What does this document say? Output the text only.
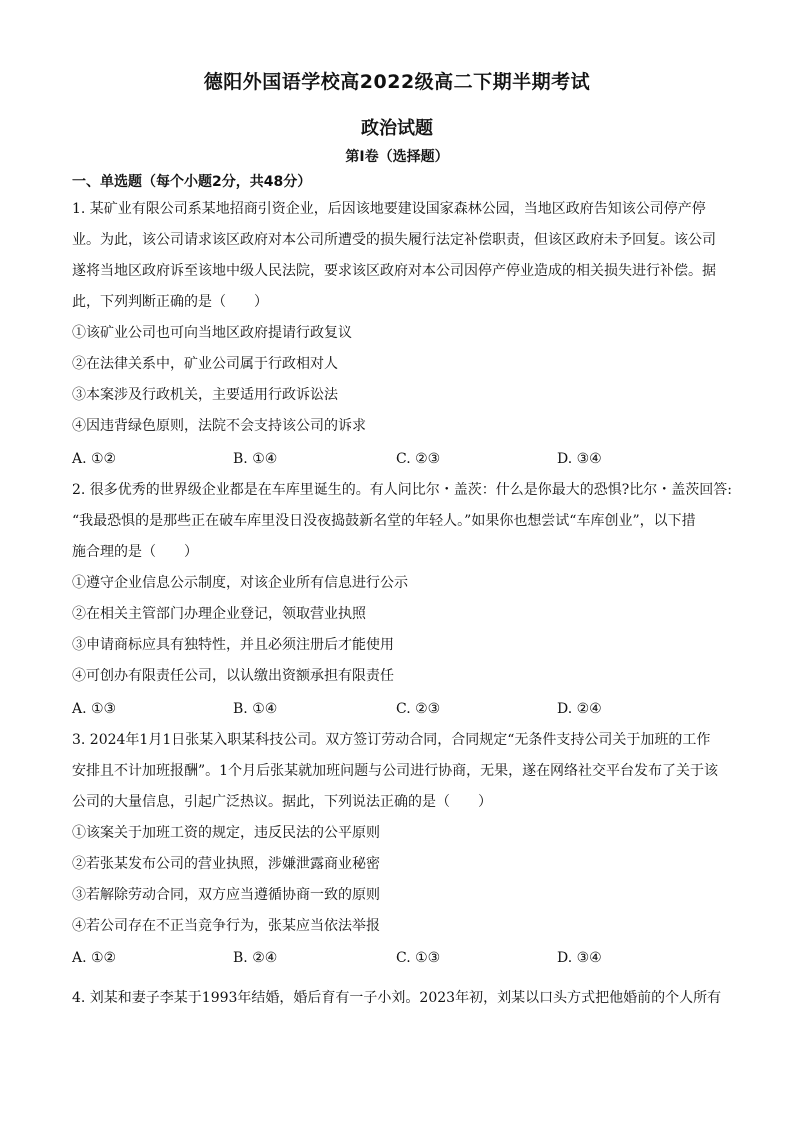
德阳外国语学校高2022级高二下期半期考试
政治试题
第Ⅰ卷（选择题）
一、单选题（每个小题2分，共48分）
1. 某矿业有限公司系某地招商引资企业，后因该地要建设国家森林公园，当地区政府告知该公司停产停
业。为此，该公司请求该区政府对本公司所遭受的损失履行法定补偿职责，但该区政府未予回复。该公司
遂将当地区政府诉至该地中级人民法院，要求该区政府对本公司因停产停业造成的相关损失进行补偿。据
此，下列判断正确的是（　　）
①该矿业公司也可向当地区政府提请行政复议
②在法律关系中，矿业公司属于行政相对人
③本案涉及行政机关，主要适用行政诉讼法
④因违背绿色原则，法院不会支持该公司的诉求
A. ①②	B. ①④	C. ②③	D. ③④
2. 很多优秀的世界级企业都是在车库里诞生的。有人问比尔・盖茨：什么是你最大的恐惧?比尔・盖茨回答:
“我最恐惧的是那些正在破车库里没日没夜捣鼓新名堂的年轻人。”如果你也想尝试“车库创业”，以下措
施合理的是（　　）
①遵守企业信息公示制度，对该企业所有信息进行公示
②在相关主管部门办理企业登记，领取营业执照
③申请商标应具有独特性，并且必须注册后才能使用
④可创办有限责任公司，以认缴出资额承担有限责任
A. ①③	B. ①④	C. ②③	D. ②④
3. 2024年1月1日张某入职某科技公司。双方签订劳动合同，合同规定“无条件支持公司关于加班的工作
安排且不计加班报酬”。1个月后张某就加班问题与公司进行协商，无果，遂在网络社交平台发布了关于该
公司的大量信息，引起广泛热议。据此，下列说法正确的是（　　）
①该案关于加班工资的规定，违反民法的公平原则
②若张某发布公司的营业执照，涉嫌泄露商业秘密
③若解除劳动合同，双方应当遵循协商一致的原则
④若公司存在不正当竞争行为，张某应当依法举报
A. ①②	B. ②④	C. ①③	D. ③④
4. 刘某和妻子李某于1993年结婚，婚后育有一子小刘。2023年初，刘某以口头方式把他婚前的个人所有
